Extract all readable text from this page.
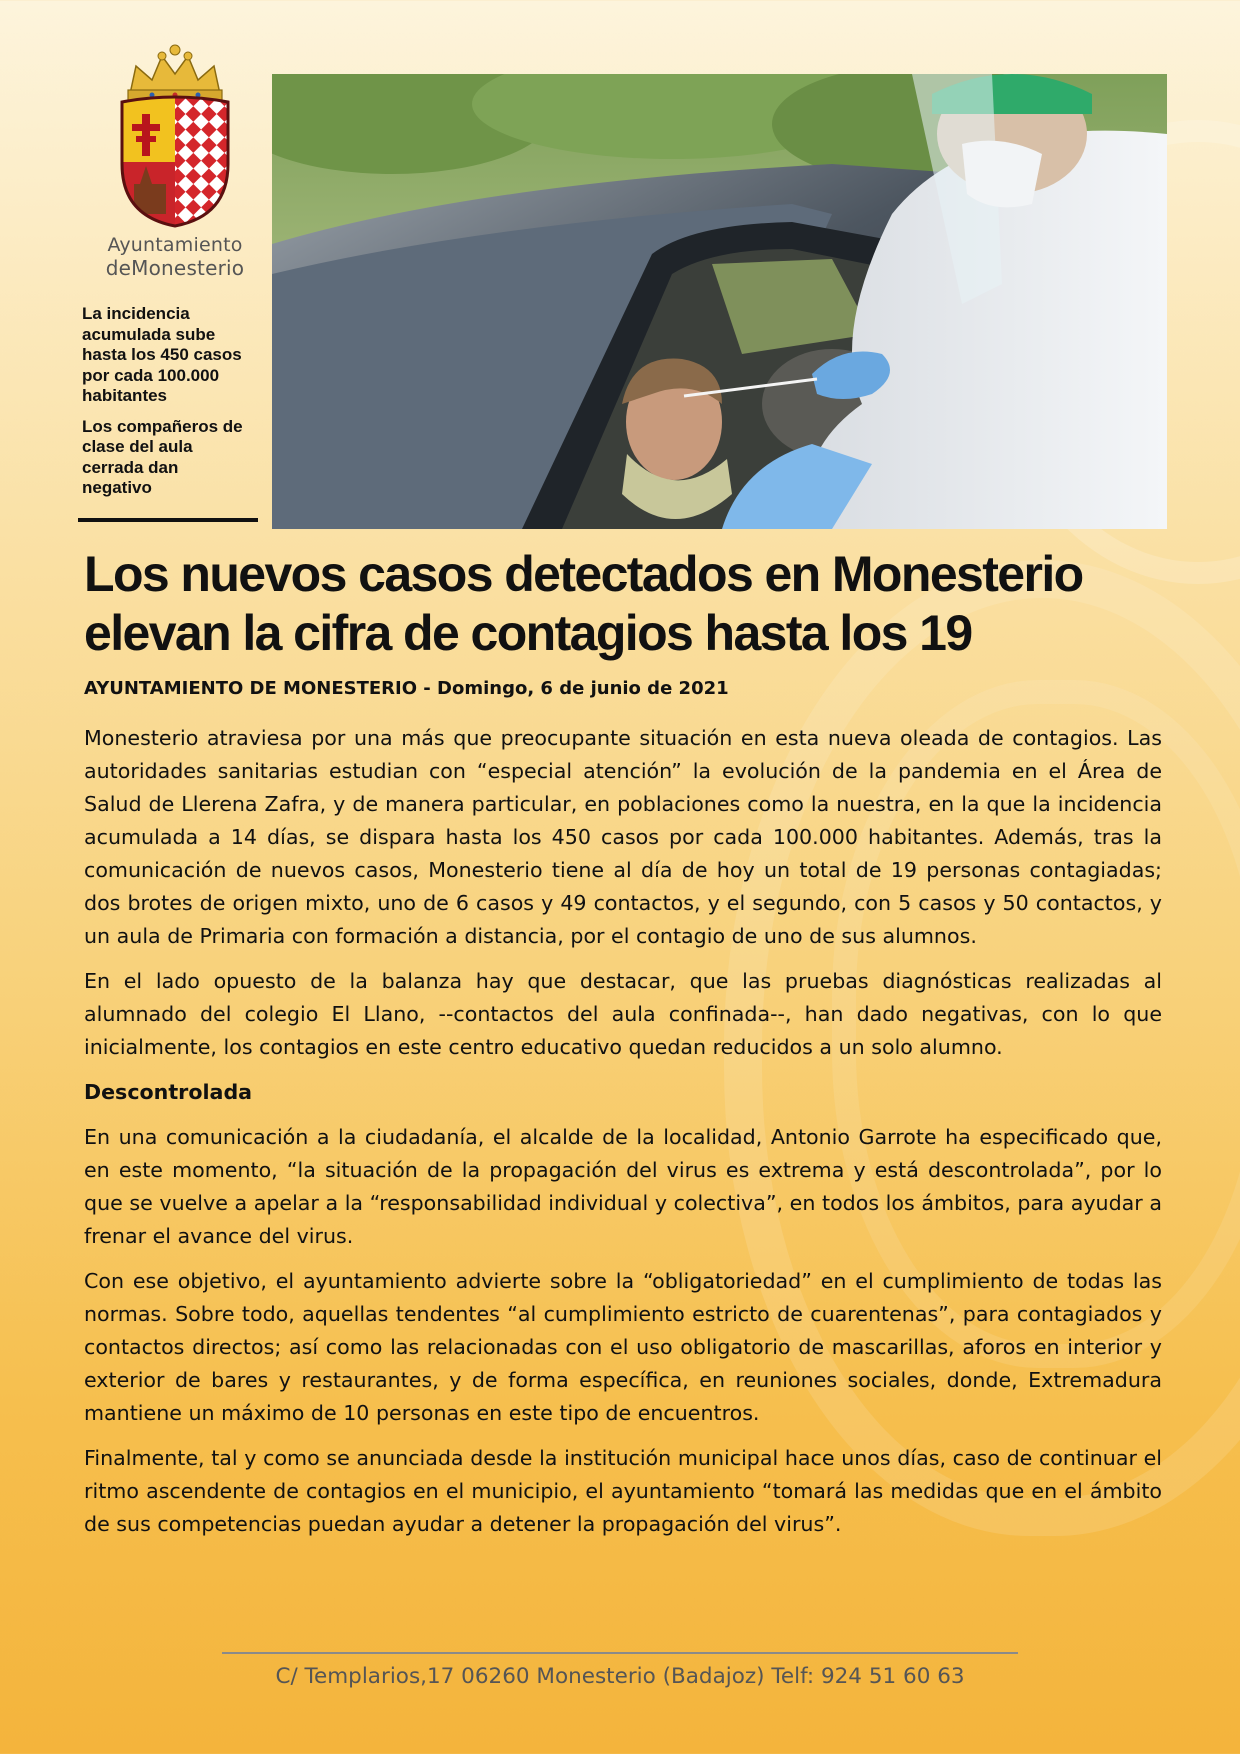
Ayuntamiento
deMonesterio

La incidencia acumulada sube hasta los 450 casos por cada 100.000 habitantes

Los compañeros de clase del aula cerrada dan negativo

Los nuevos casos detectados en Monesterio elevan la cifra de contagios hasta los 19
AYUNTAMIENTO DE MONESTERIO - Domingo, 6 de junio de 2021

Monesterio atraviesa por una más que preocupante situación en esta nueva oleada de contagios. Las autoridades sanitarias estudian con “especial atención” la evolución de la pandemia en el Área de Salud de Llerena Zafra, y de manera particular, en poblaciones como la nuestra, en la que la incidencia acumulada a 14 días, se dispara hasta los 450 casos por cada 100.000 habitantes. Además, tras la comunicación de nuevos casos, Monesterio tiene al día de hoy un total de 19 personas contagiadas; dos brotes de origen mixto, uno de 6 casos y 49 contactos, y el segundo, con 5 casos y 50 contactos, y un aula de Primaria con formación a distancia, por el contagio de uno de sus alumnos.

En el lado opuesto de la balanza hay que destacar, que las pruebas diagnósticas realizadas al alumnado del colegio El Llano, --contactos del aula confinada--, han dado negativas, con lo que inicialmente, los contagios en este centro educativo quedan reducidos a un solo alumno.

Descontrolada

En una comunicación a la ciudadanía, el alcalde de la localidad, Antonio Garrote ha especificado que, en este momento, “la situación de la propagación del virus es extrema y está descontrolada”, por lo que se vuelve a apelar a la “responsabilidad individual y colectiva”, en todos los ámbitos, para ayudar a frenar el avance del virus.

Con ese objetivo, el ayuntamiento advierte sobre la “obligatoriedad” en el cumplimiento de todas las normas. Sobre todo, aquellas tendentes “al cumplimiento estricto de cuarentenas”, para contagiados y contactos directos; así como las relacionadas con el uso obligatorio de mascarillas, aforos en interior y exterior de bares y restaurantes, y de forma específica, en reuniones sociales, donde, Extremadura mantiene un máximo de 10 personas en este tipo de encuentros.

Finalmente, tal y como se anunciada desde la institución municipal hace unos días, caso de continuar el ritmo ascendente de contagios en el municipio, el ayuntamiento “tomará las medidas que en el ámbito de sus competencias puedan ayudar a detener la propagación del virus”.

C/ Templarios,17 06260 Monesterio (Badajoz) Telf: 924 51 60 63
